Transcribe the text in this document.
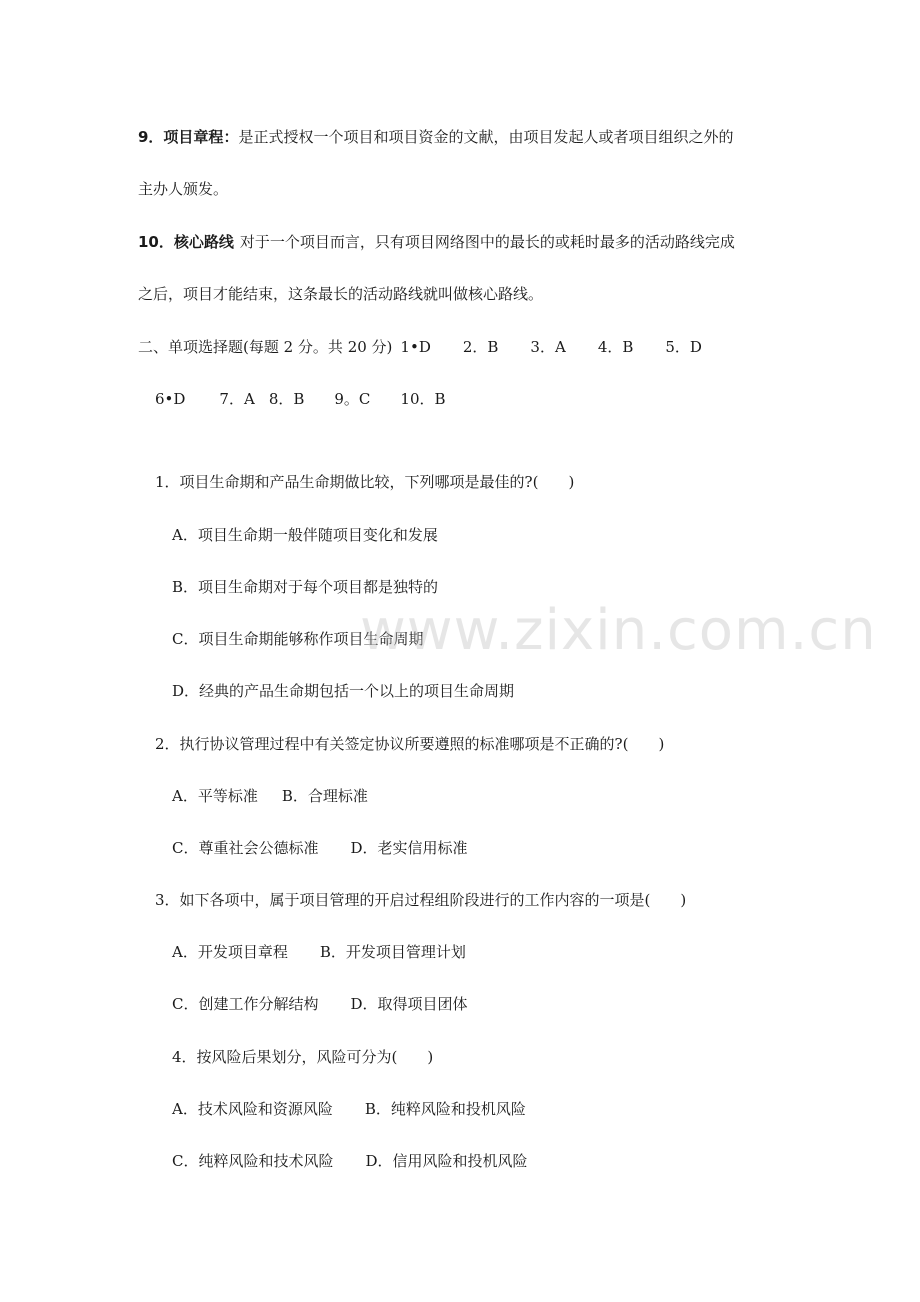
9．项目章程：是正式授权一个项目和项目资金的文献，由项目发起人或者项目组织之外的
主办人颁发。
10．核心路线 对于一个项目而言，只有项目网络图中的最长的或耗时最多的活动路线完成
之后，项目才能结束，这条最长的活动路线就叫做核心路线。
二、单项选择题(每题 2 分。共 20 分) 1•D 2．B 3．A 4．B 5．D
6•D 7．A 8．B 9。C 10．B
1．项目生命期和产品生命期做比较，下列哪项是最佳的?(　　)
A．项目生命期一般伴随项目变化和发展
B．项目生命期对于每个项目都是独特的
C．项目生命期能够称作项目生命周期
D．经典的产品生命期包括一个以上的项目生命周期
2．执行协议管理过程中有关签定协议所要遵照的标准哪项是不正确的?(　　)
A．平等标准 B．合理标准
C．尊重社会公德标准 D．老实信用标准
3．如下各项中，属于项目管理的开启过程组阶段进行的工作内容的一项是(　　)
A．开发项目章程 B．开发项目管理计划
C．创建工作分解结构 D．取得项目团体
4．按风险后果划分，风险可分为(　　)
A．技术风险和资源风险 B．纯粹风险和投机风险
C．纯粹风险和技术风险 D．信用风险和投机风险
www.zixin.com.cn
